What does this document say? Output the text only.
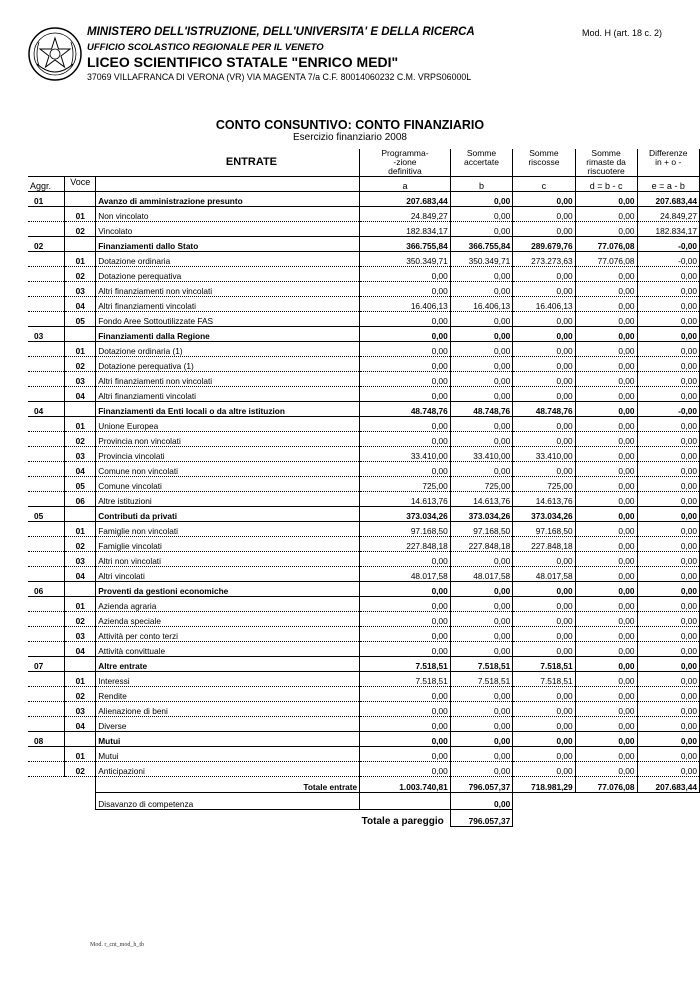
MINISTERO DELL'ISTRUZIONE, DELL'UNIVERSITA' E DELLA RICERCA
UFFICIO SCOLASTICO REGIONALE PER IL VENETO
LICEO SCIENTIFICO STATALE "ENRICO MEDI"
37069 VILLAFRANCA DI VERONA (VR) VIA MAGENTA 7/a C.F. 80014060232 C.M. VRPS06000L
Mod. H (art. 18 c. 2)
CONTO CONSUNTIVO: CONTO FINANZIARIO
Esercizio finanziario 2008
		ENTRATE	Programma-
-zione
definitiva	Somme
accertate	Somme
riscosse	Somme
rimaste da
riscuotere	Differenze
in + o -
Aggr.	Voce		a	b	c	d = b - c	e = a - b
01		Avanzo di amministrazione presunto	207.683,44	0,00	0,00	0,00	207.683,44
	01	Non vincolato	24.849,27	0,00	0,00	0,00	24.849,27
	02	Vincolato	182.834,17	0,00	0,00	0,00	182.834,17
02		Finanziamenti dallo Stato	366.755,84	366.755,84	289.679,76	77.076,08	-0,00
	01	Dotazione ordinaria	350.349,71	350.349,71	273.273,63	77.076,08	-0,00
	02	Dotazione perequativa	0,00	0,00	0,00	0,00	0,00
	03	Altri finanziamenti non vincolati	0,00	0,00	0,00	0,00	0,00
	04	Altri finanziamenti vincolati	16.406,13	16.406,13	16.406,13	0,00	0,00
	05	Fondo Aree Sottoutilizzate FAS	0,00	0,00	0,00	0,00	0,00
03		Finanziamenti dalla Regione	0,00	0,00	0,00	0,00	0,00
	01	Dotazione ordinaria (1)	0,00	0,00	0,00	0,00	0,00
	02	Dotazione perequativa (1)	0,00	0,00	0,00	0,00	0,00
	03	Altri finanziamenti non vincolati	0,00	0,00	0,00	0,00	0,00
	04	Altri finanziamenti vincolati	0,00	0,00	0,00	0,00	0,00
04		Finanziamenti da Enti locali o da altre istituzion	48.748,76	48.748,76	48.748,76	0,00	-0,00
	01	Unione Europea	0,00	0,00	0,00	0,00	0,00
	02	Provincia non vincolati	0,00	0,00	0,00	0,00	0,00
	03	Provincia vincolati	33.410,00	33.410,00	33.410,00	0,00	0,00
	04	Comune non vincolati	0,00	0,00	0,00	0,00	0,00
	05	Comune vincolati	725,00	725,00	725,00	0,00	0,00
	06	Altre istituzioni	14.613,76	14.613,76	14.613,76	0,00	0,00
05		Contributi da privati	373.034,26	373.034,26	373.034,26	0,00	0,00
	01	Famiglie non vincolati	97.168,50	97.168,50	97.168,50	0,00	0,00
	02	Famiglie vincolati	227.848,18	227.848,18	227.848,18	0,00	0,00
	03	Altri non vincolati	0,00	0,00	0,00	0,00	0,00
	04	Altri vincolati	48.017,58	48.017,58	48.017,58	0,00	0,00
06		Proventi da gestioni economiche	0,00	0,00	0,00	0,00	0,00
	01	Azienda agraria	0,00	0,00	0,00	0,00	0,00
	02	Azienda speciale	0,00	0,00	0,00	0,00	0,00
	03	Attività per conto terzi	0,00	0,00	0,00	0,00	0,00
	04	Attività convittuale	0,00	0,00	0,00	0,00	0,00
07		Altre entrate	7.518,51	7.518,51	7.518,51	0,00	0,00
	01	Interessi	7.518,51	7.518,51	7.518,51	0,00	0,00
	02	Rendite	0,00	0,00	0,00	0,00	0,00
	03	Alienazione di beni	0,00	0,00	0,00	0,00	0,00
	04	Diverse	0,00	0,00	0,00	0,00	0,00
08		Mutui	0,00	0,00	0,00	0,00	0,00
	01	Mutui	0,00	0,00	0,00	0,00	0,00
	02	Anticipazioni	0,00	0,00	0,00	0,00	0,00
		Totale entrate	1.003.740,81	796.057,37	718.981,29	77.076,08	207.683,44
		Disavanzo di competenza		0,00			
			Totale a pareggio	796.057,37			
Mod. r_cnt_mod_h_tb
